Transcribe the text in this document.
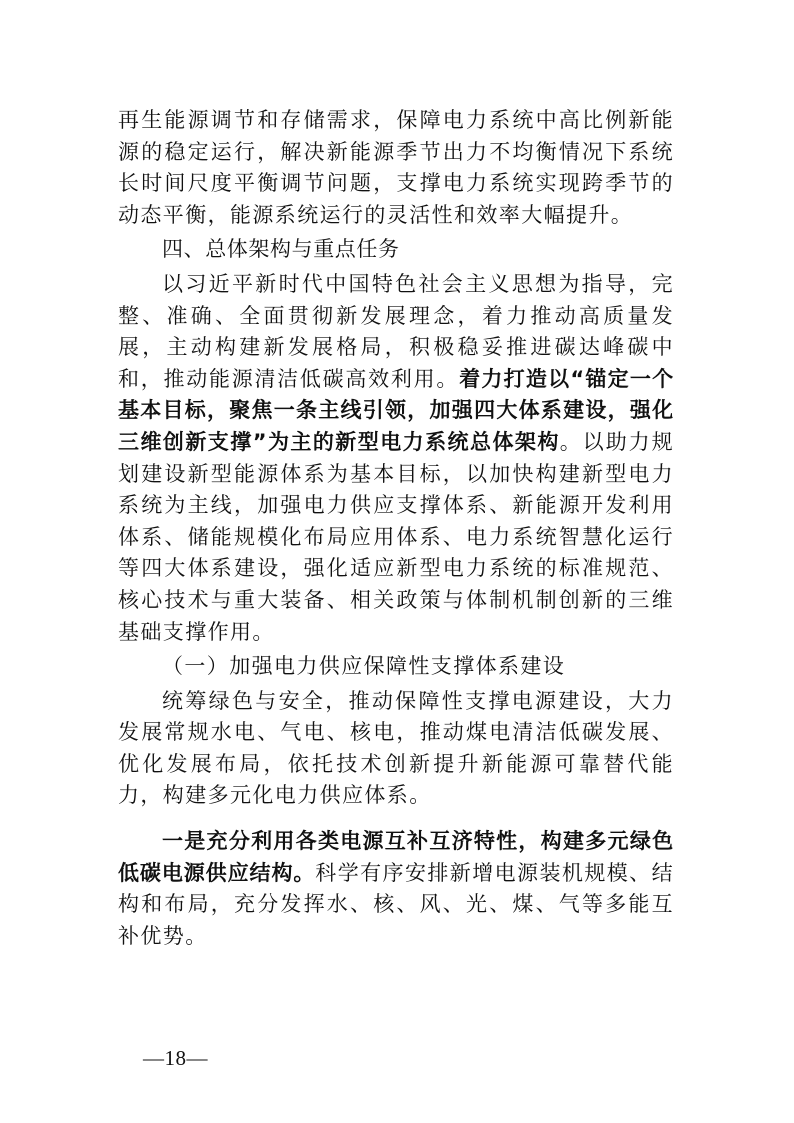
再生能源调节和存储需求，保障电力系统中高比例新能源的稳定运行，解决新能源季节出力不均衡情况下系统长时间尺度平衡调节问题，支撑电力系统实现跨季节的动态平衡，能源系统运行的灵活性和效率大幅提升。

四、总体架构与重点任务

以习近平新时代中国特色社会主义思想为指导，完整、准确、全面贯彻新发展理念，着力推动高质量发展，主动构建新发展格局，积极稳妥推进碳达峰碳中和，推动能源清洁低碳高效利用。着力打造以“锚定一个基本目标，聚焦一条主线引领，加强四大体系建设，强化三维创新支撑”为主的新型电力系统总体架构。以助力规划建设新型能源体系为基本目标，以加快构建新型电力系统为主线，加强电力供应支撑体系、新能源开发利用体系、储能规模化布局应用体系、电力系统智慧化运行等四大体系建设，强化适应新型电力系统的标准规范、核心技术与重大装备、相关政策与体制机制创新的三维基础支撑作用。

（一）加强电力供应保障性支撑体系建设

统筹绿色与安全，推动保障性支撑电源建设，大力发展常规水电、气电、核电，推动煤电清洁低碳发展、优化发展布局，依托技术创新提升新能源可靠替代能力，构建多元化电力供应体系。

一是充分利用各类电源互补互济特性，构建多元绿色低碳电源供应结构。科学有序安排新增电源装机规模、结构和布局，充分发挥水、核、风、光、煤、气等多能互补优势。

—18—
